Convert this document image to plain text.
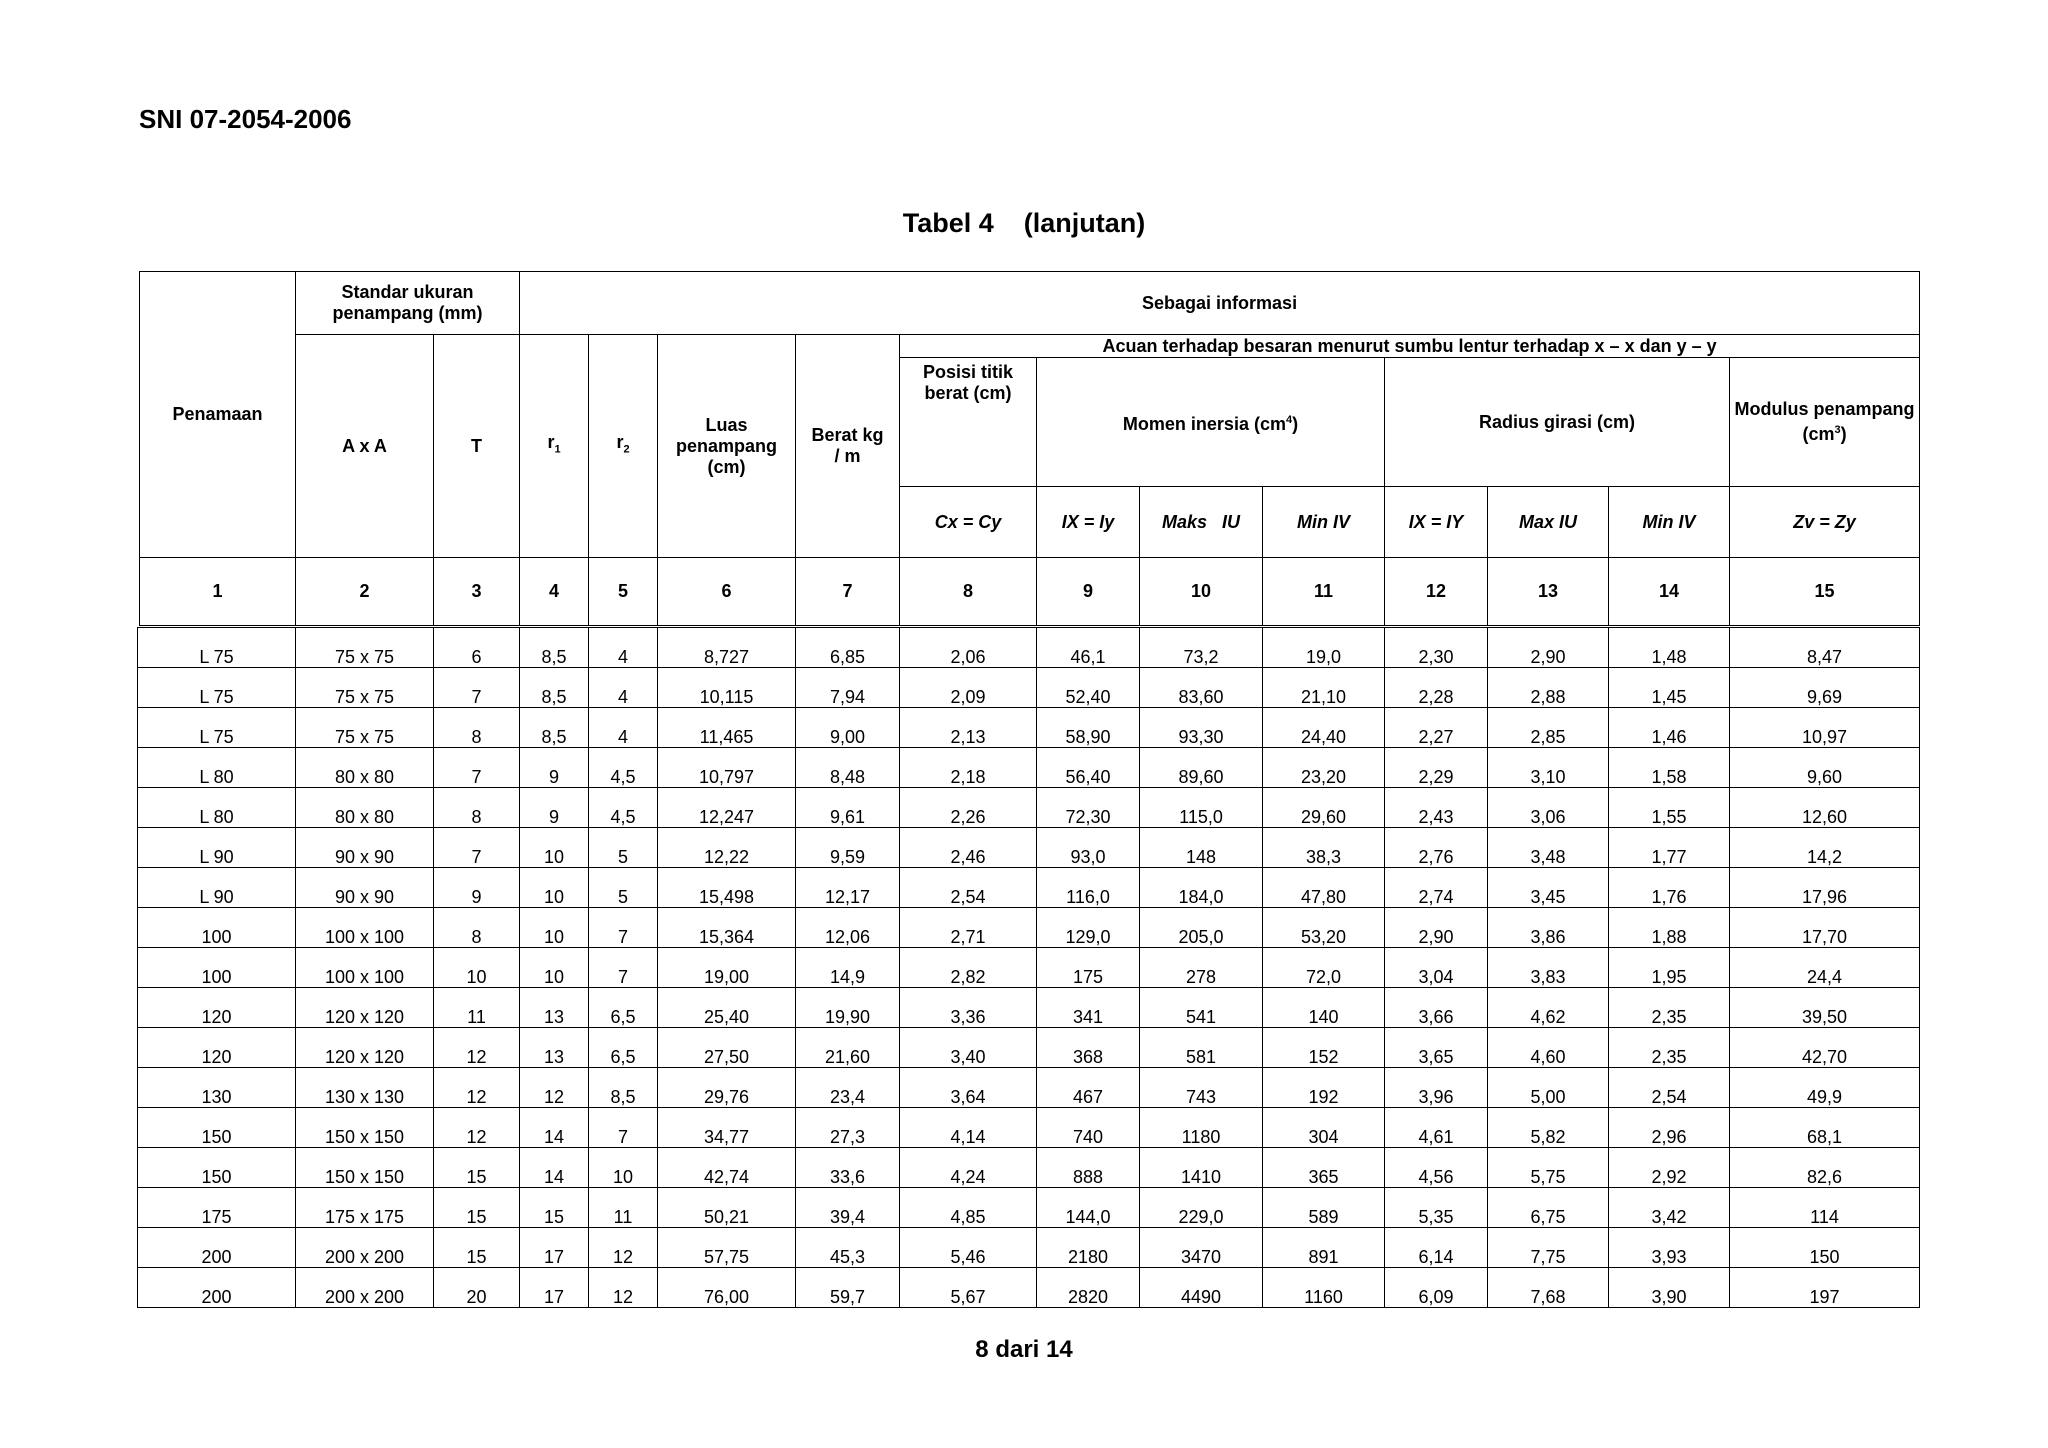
SNI 07-2054-2006
Tabel 4    (lanjutan)
Penamaan	Standar ukuran penampang (mm)		Sebagai informasi											
	A x A	T	$r_1$	$r_2$	Luas penampang (cm)	Berat kg / m	Acuan terhadap besaran menurut sumbu lentur terhadap x – x dan y – y							
							Posisi titik berat (cm)	Momen inersia $(cm^4)$			Radius girasi (cm)			Modulus penampang $(cm^3)$
							Cx = Cy	IX = Iy	Maks   IU	Min IV	IX = IY	Max IU	Min IV	Zv = Zy
1	2	3	4	5	6	7	8	9	10	11	12	13	14	15
L 75	75 x 75	6	8,5	4	8,727	6,85	2,06	46,1	73,2	19,0	2,30	2,90	1,48	8,47
L 75	75 x 75	7	8,5	4	10,115	7,94	2,09	52,40	83,60	21,10	2,28	2,88	1,45	9,69
L 75	75 x 75	8	8,5	4	11,465	9,00	2,13	58,90	93,30	24,40	2,27	2,85	1,46	10,97
L 80	80 x 80	7	9	4,5	10,797	8,48	2,18	56,40	89,60	23,20	2,29	3,10	1,58	9,60
L 80	80 x 80	8	9	4,5	12,247	9,61	2,26	72,30	115,0	29,60	2,43	3,06	1,55	12,60
L 90	90 x 90	7	10	5	12,22	9,59	2,46	93,0	148	38,3	2,76	3,48	1,77	14,2
L 90	90 x 90	9	10	5	15,498	12,17	2,54	116,0	184,0	47,80	2,74	3,45	1,76	17,96
100	100 x 100	8	10	7	15,364	12,06	2,71	129,0	205,0	53,20	2,90	3,86	1,88	17,70
100	100 x 100	10	10	7	19,00	14,9	2,82	175	278	72,0	3,04	3,83	1,95	24,4
120	120 x 120	11	13	6,5	25,40	19,90	3,36	341	541	140	3,66	4,62	2,35	39,50
120	120 x 120	12	13	6,5	27,50	21,60	3,40	368	581	152	3,65	4,60	2,35	42,70
130	130 x 130	12	12	8,5	29,76	23,4	3,64	467	743	192	3,96	5,00	2,54	49,9
150	150 x 150	12	14	7	34,77	27,3	4,14	740	1180	304	4,61	5,82	2,96	68,1
150	150 x 150	15	14	10	42,74	33,6	4,24	888	1410	365	4,56	5,75	2,92	82,6
175	175 x 175	15	15	11	50,21	39,4	4,85	144,0	229,0	589	5,35	6,75	3,42	114
200	200 x 200	15	17	12	57,75	45,3	5,46	2180	3470	891	6,14	7,75	3,93	150
200	200 x 200	20	17	12	76,00	59,7	5,67	2820	4490	1160	6,09	7,68	3,90	197
8 dari 14
